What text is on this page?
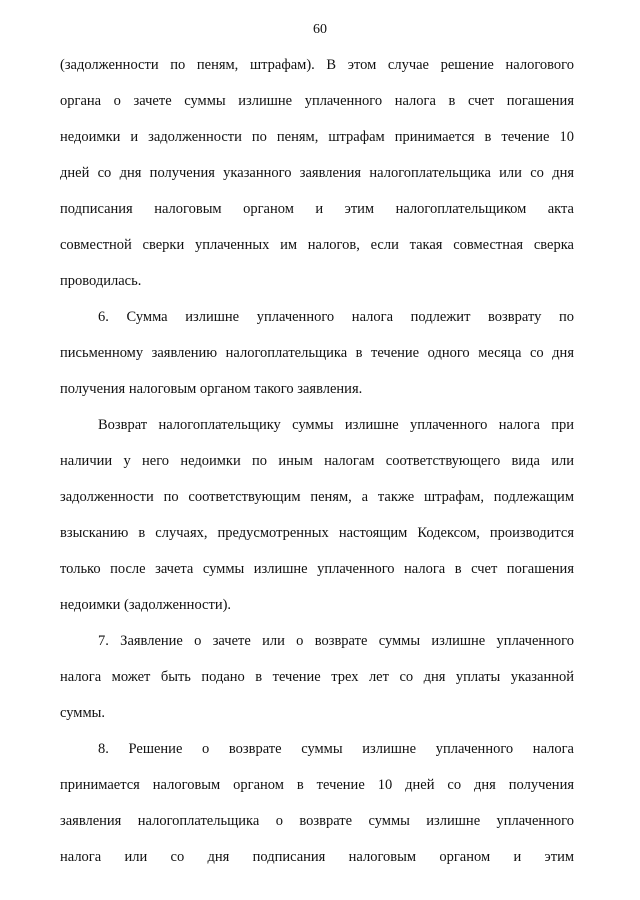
60
(задолженности по пеням, штрафам). В этом случае решение налогового
органа о зачете суммы излишне уплаченного налога в счет погашения
недоимки и задолженности по пеням, штрафам принимается в течение 10
дней со дня получения указанного заявления налогоплательщика или со дня
подписания налоговым органом и этим налогоплательщиком акта
совместной сверки уплаченных им налогов, если такая совместная сверка
проводилась.
6. Сумма излишне уплаченного налога подлежит возврату по
письменному заявлению налогоплательщика в течение одного месяца со дня
получения налоговым органом такого заявления.
Возврат налогоплательщику суммы излишне уплаченного налога при
наличии у него недоимки по иным налогам соответствующего вида или
задолженности по соответствующим пеням, а также штрафам, подлежащим
взысканию в случаях, предусмотренных настоящим Кодексом, производится
только после зачета суммы излишне уплаченного налога в счет погашения
недоимки (задолженности).
7. Заявление о зачете или о возврате суммы излишне уплаченного
налога может быть подано в течение трех лет со дня уплаты указанной
суммы.
8. Решение о возврате суммы излишне уплаченного налога
принимается налоговым органом в течение 10 дней со дня получения
заявления налогоплательщика о возврате суммы излишне уплаченного
налога или со дня подписания налоговым органом и этим
